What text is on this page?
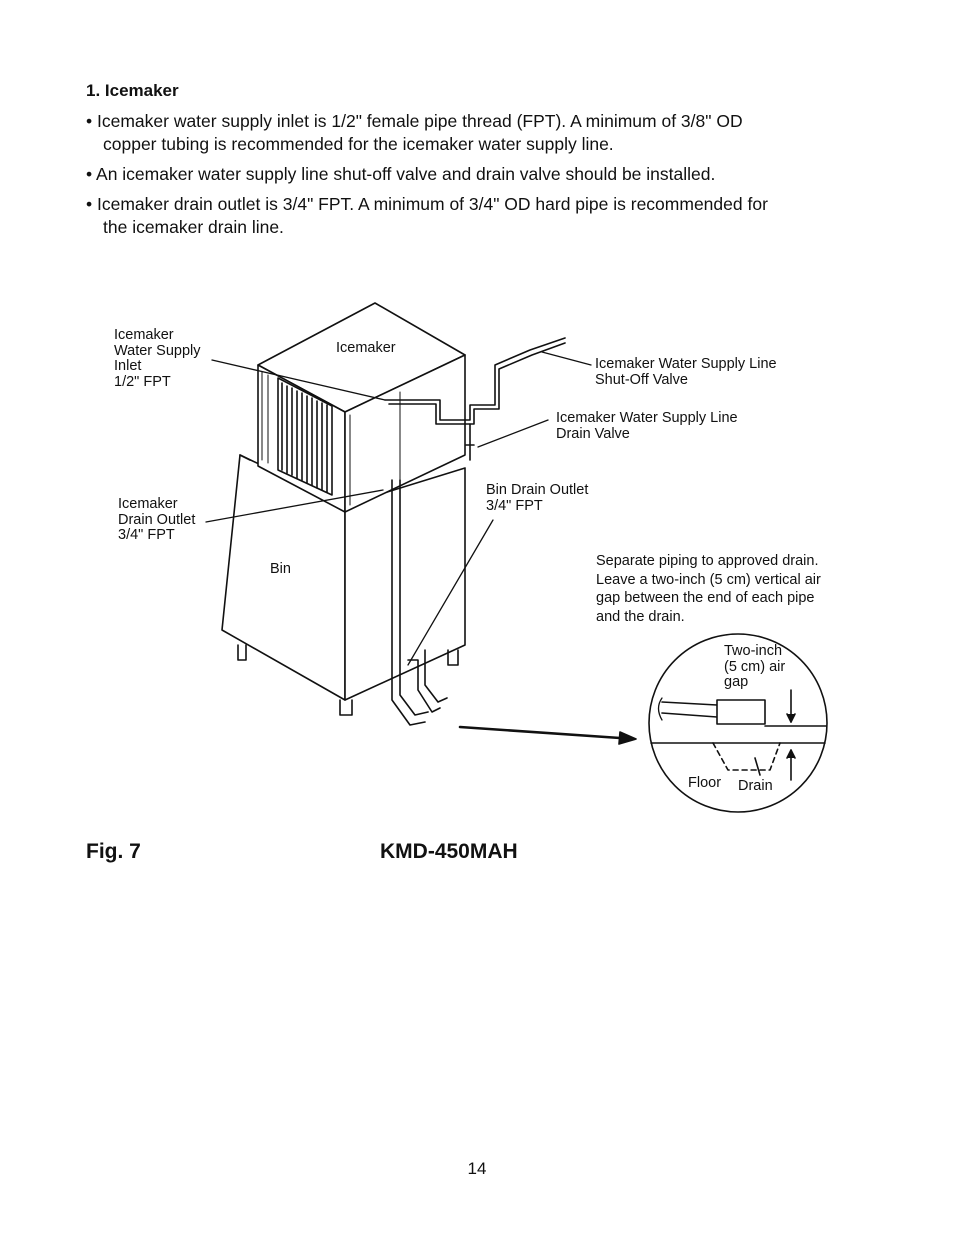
1. Icemaker
• Icemaker water supply inlet is 1/2" female pipe thread (FPT). A minimum of 3/8" OD
copper tubing is recommended for the icemaker water supply line.
• An icemaker water supply line shut-off valve and drain valve should be installed.
• Icemaker drain outlet is 3/4" FPT. A minimum of 3/4" OD hard pipe is recommended for
the icemaker drain line.
Icemaker
Water Supply
Inlet
1/2" FPT
Icemaker
Icemaker Water Supply Line
Shut-Off Valve
Icemaker Water Supply Line
Drain Valve
Bin Drain Outlet
3/4" FPT
Icemaker
Drain Outlet
3/4" FPT
Bin	Separate piping to approved drain.
Leave a two-inch (5 cm) vertical air
gap between the end of each pipe
and the drain.
Two-inch
(5 cm) air
gap
Floor Drain
Fig. 7	KMD-450MAH
14
